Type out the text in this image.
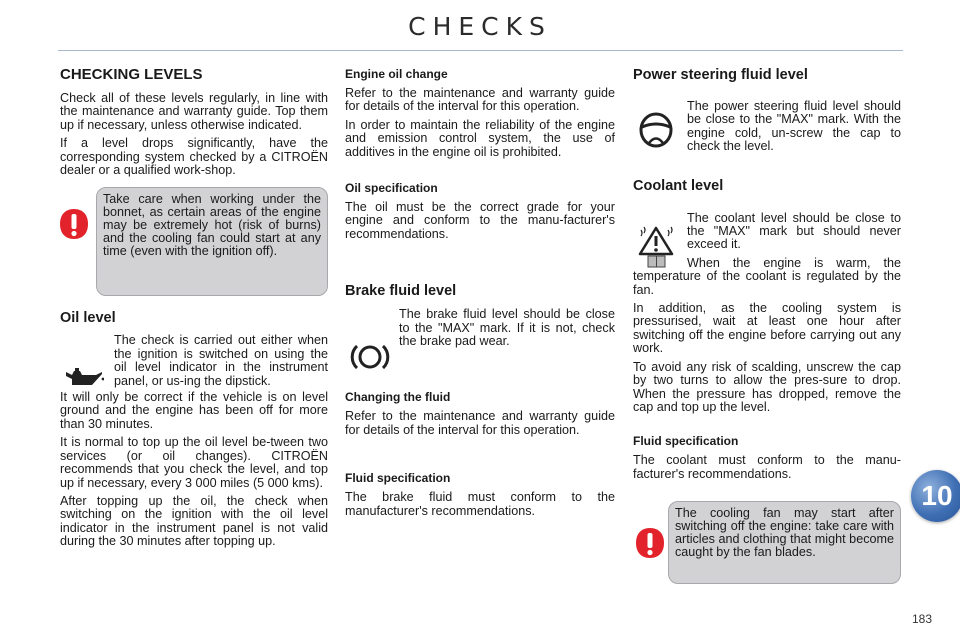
CHECKS
CHECKING LEVELS

Check all of these levels regularly, in line with the maintenance and warranty guide. Top them up if necessary, unless otherwise indicated.

If a level drops significantly, have the corresponding system checked by a CITROËN dealer or a qualified work-shop.

Take care when working under the bonnet, as certain areas of the engine may be extremely hot (risk of burns) and the cooling fan could start at any time (even with the ignition off).

Oil level

The check is carried out either when the ignition is switched on using the oil level indicator in the instrument panel, or us-ing the dipstick.

It will only be correct if the vehicle is on level ground and the engine has been off for more than 30 minutes.

It is normal to top up the oil level be-tween two services (or oil changes). CITROËN recommends that you check the level, and top up if necessary, every 3 000 miles (5 000 kms).

After topping up the oil, the check when switching on the ignition with the oil level indicator in the instrument panel is not valid during the 30 minutes after topping up.

Engine oil change

Refer to the maintenance and warranty guide for details of the interval for this operation.

In order to maintain the reliability of the engine and emission control system, the use of additives in the engine oil is prohibited.

Oil specification

The oil must be the correct grade for your engine and conform to the manu-facturer's recommendations.

Brake fluid level

The brake fluid level should be close to the "MAX" mark. If it is not, check the brake pad wear.

Changing the fluid

Refer to the maintenance and warranty guide for details of the interval for this operation.

Fluid specification

The brake fluid must conform to the manufacturer's recommendations.

Power steering fluid level

The power steering fluid level should be close to the "MAX" mark. With the engine cold, un-screw the cap to check the level.

Coolant level

The coolant level should be close to the "MAX" mark but should never exceed it.

When the engine is warm, the temperature of the coolant is regulated by the fan.

In addition, as the cooling system is pressurised, wait at least one hour after switching off the engine before carrying out any work.

To avoid any risk of scalding, unscrew the cap by two turns to allow the pres-sure to drop. When the pressure has dropped, remove the cap and top up the level.

Fluid specification

The coolant must conform to the manu-facturer's recommendations.

The cooling fan may start after switching off the engine: take care with articles and clothing that might become caught by the fan blades.

10
183
